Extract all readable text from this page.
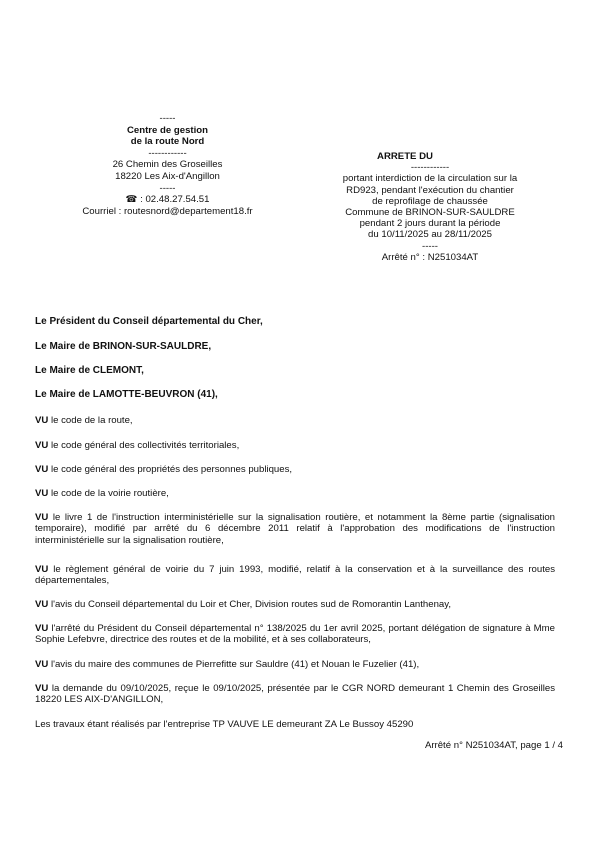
-----
Centre de gestion
de la route Nord
------------
26 Chemin des Groseilles
18220 Les Aix-d'Angillon
-----
☎ : 02.48.27.54.51
Courriel : routesnord@departement18.fr
ARRETE DU
------------
portant interdiction de la circulation sur la
RD923, pendant l'exécution du chantier
de reprofilage de chaussée
Commune de BRINON-SUR-SAULDRE
pendant 2 jours durant la période
du 10/11/2025 au 28/11/2025
-----
Arrêté n° : N251034AT
Le Président du Conseil départemental du Cher,
Le Maire de BRINON-SUR-SAULDRE,
Le Maire de CLEMONT,
Le Maire de LAMOTTE-BEUVRON (41),
VU le code de la route,
VU le code général des collectivités territoriales,
VU le code général des propriétés des personnes publiques,
VU le code de la voirie routière,
VU le livre 1 de l'instruction interministérielle sur la signalisation routière, et notamment la 8ème partie (signalisation temporaire), modifié par arrêté du 6 décembre 2011 relatif à l'approbation des modifications de l'instruction interministérielle sur la signalisation routière,
VU le règlement général de voirie du 7 juin 1993, modifié, relatif à la conservation et à la surveillance des routes départementales,
VU l'avis du Conseil départemental du Loir et Cher, Division routes sud de Romorantin Lanthenay,
VU l'arrêté du Président du Conseil départemental n° 138/2025 du 1er avril 2025, portant délégation de signature à Mme Sophie Lefebvre, directrice des routes et de la mobilité, et à ses collaborateurs,
VU l'avis du maire des communes de Pierrefitte sur Sauldre (41) et Nouan le Fuzelier (41),
VU la demande du 09/10/2025, reçue le 09/10/2025, présentée par le CGR NORD demeurant 1 Chemin des Groseilles 18220 LES AIX-D'ANGILLON,
Les travaux étant réalisés par l'entreprise TP VAUVE LE demeurant ZA Le Bussoy 45290
Arrêté n° N251034AT, page 1 / 4
